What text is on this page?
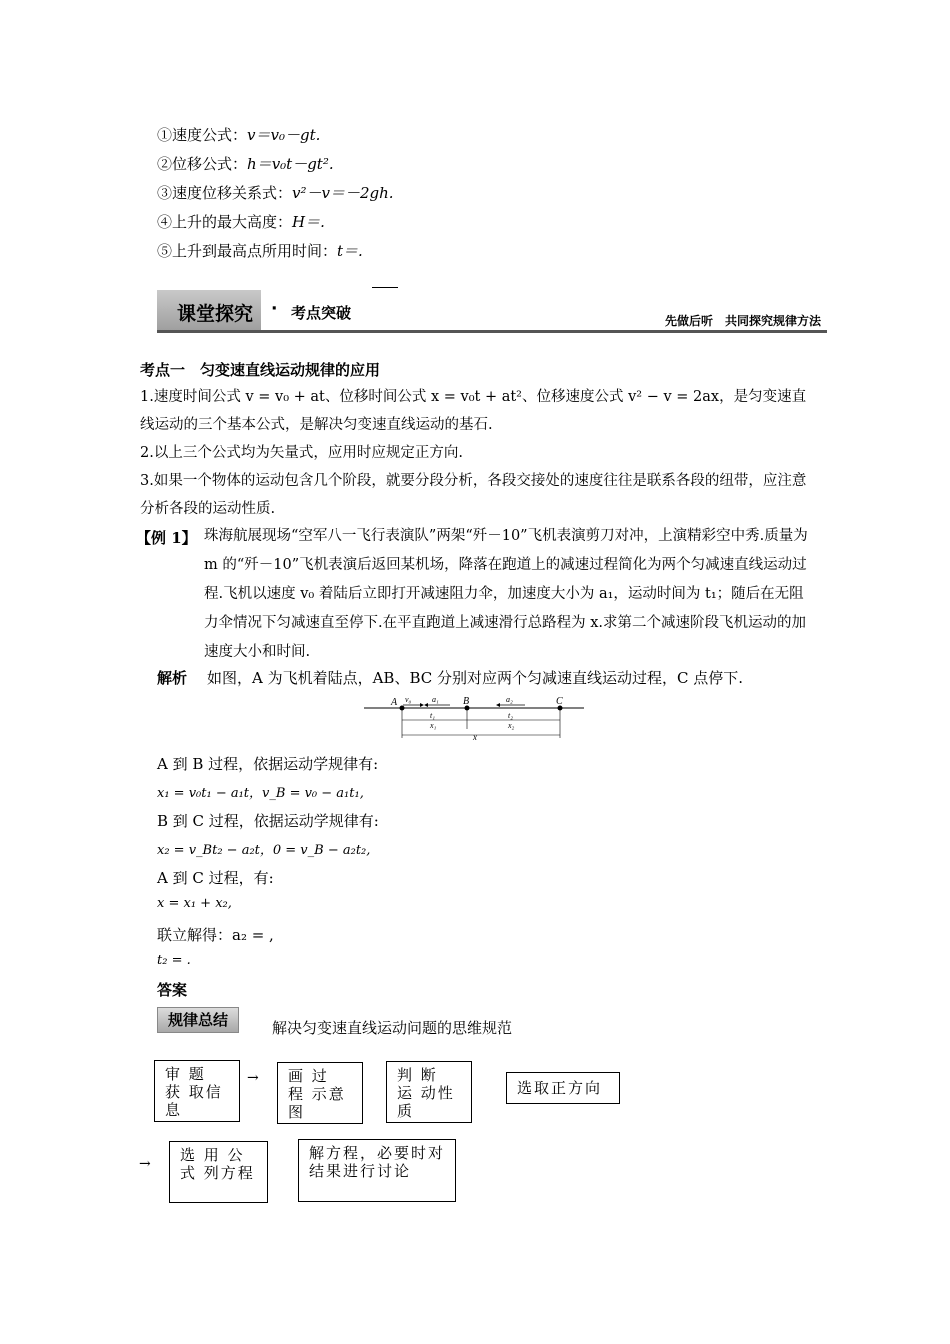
①速度公式：v＝v₀－gt.
②位移公式：h＝v₀t－gt².
③速度位移关系式：v²－v＝－2gh.
④上升的最大高度：H＝.
⑤上升到最高点所用时间：t＝.
课堂探究 · 考点突破	先做后听　共同探究规律方法
考点一　匀变速直线运动规律的应用
1.速度时间公式 v = v₀ + at、位移时间公式 x = v₀t + at²、位移速度公式 v² − v = 2ax，是匀变速直线运动的三个基本公式，是解决匀变速直线运动的基石.
2.以上三个公式均为矢量式，应用时应规定正方向.
3.如果一个物体的运动包含几个阶段，就要分段分析，各段交接处的速度往往是联系各段的纽带，应注意分析各段的运动性质.
【例 1】 珠海航展现场“空军八一飞行表演队”两架“歼－10”飞机表演剪刀对冲，上演精彩空中秀.质量为 m 的“歼－10”飞机表演后返回某机场，降落在跑道上的减速过程简化为两个匀减速直线运动过程.飞机以速度 v₀ 着陆后立即打开减速阻力伞，加速度大小为 a₁，运动时间为 t₁；随后在无阻力伞情况下匀减速直至停下.在平直跑道上减速滑行总路程为 x.求第二个减速阶段飞机运动的加速度大小和时间.
解析 如图，A 为飞机着陆点，AB、BC 分别对应两个匀减速直线运动过程，C 点停下.
A	B	C
v₀	a₁	a₂
t₁
x₁
t₂
x₂
x
A 到 B 过程，依据运动学规律有:
x₁ = v₀t₁ − a₁t，v_B = v₀ − a₁t₁,
B 到 C 过程，依据运动学规律有:
x₂ = v_Bt₂ − a₂t，0 = v_B − a₂t₂,
A 到 C 过程，有:
x = x₁ + x₂,
联立解得：a₂ = ,
t₂ = .
答案
规律总结	解决匀变速直线运动问题的思维规范
审 题 获 取信息
→	画 过 程 示意图
判 断 运 动性质
选取正方向
→	选 用 公 式 列方程
解方程，必要时对结果进行讨论
